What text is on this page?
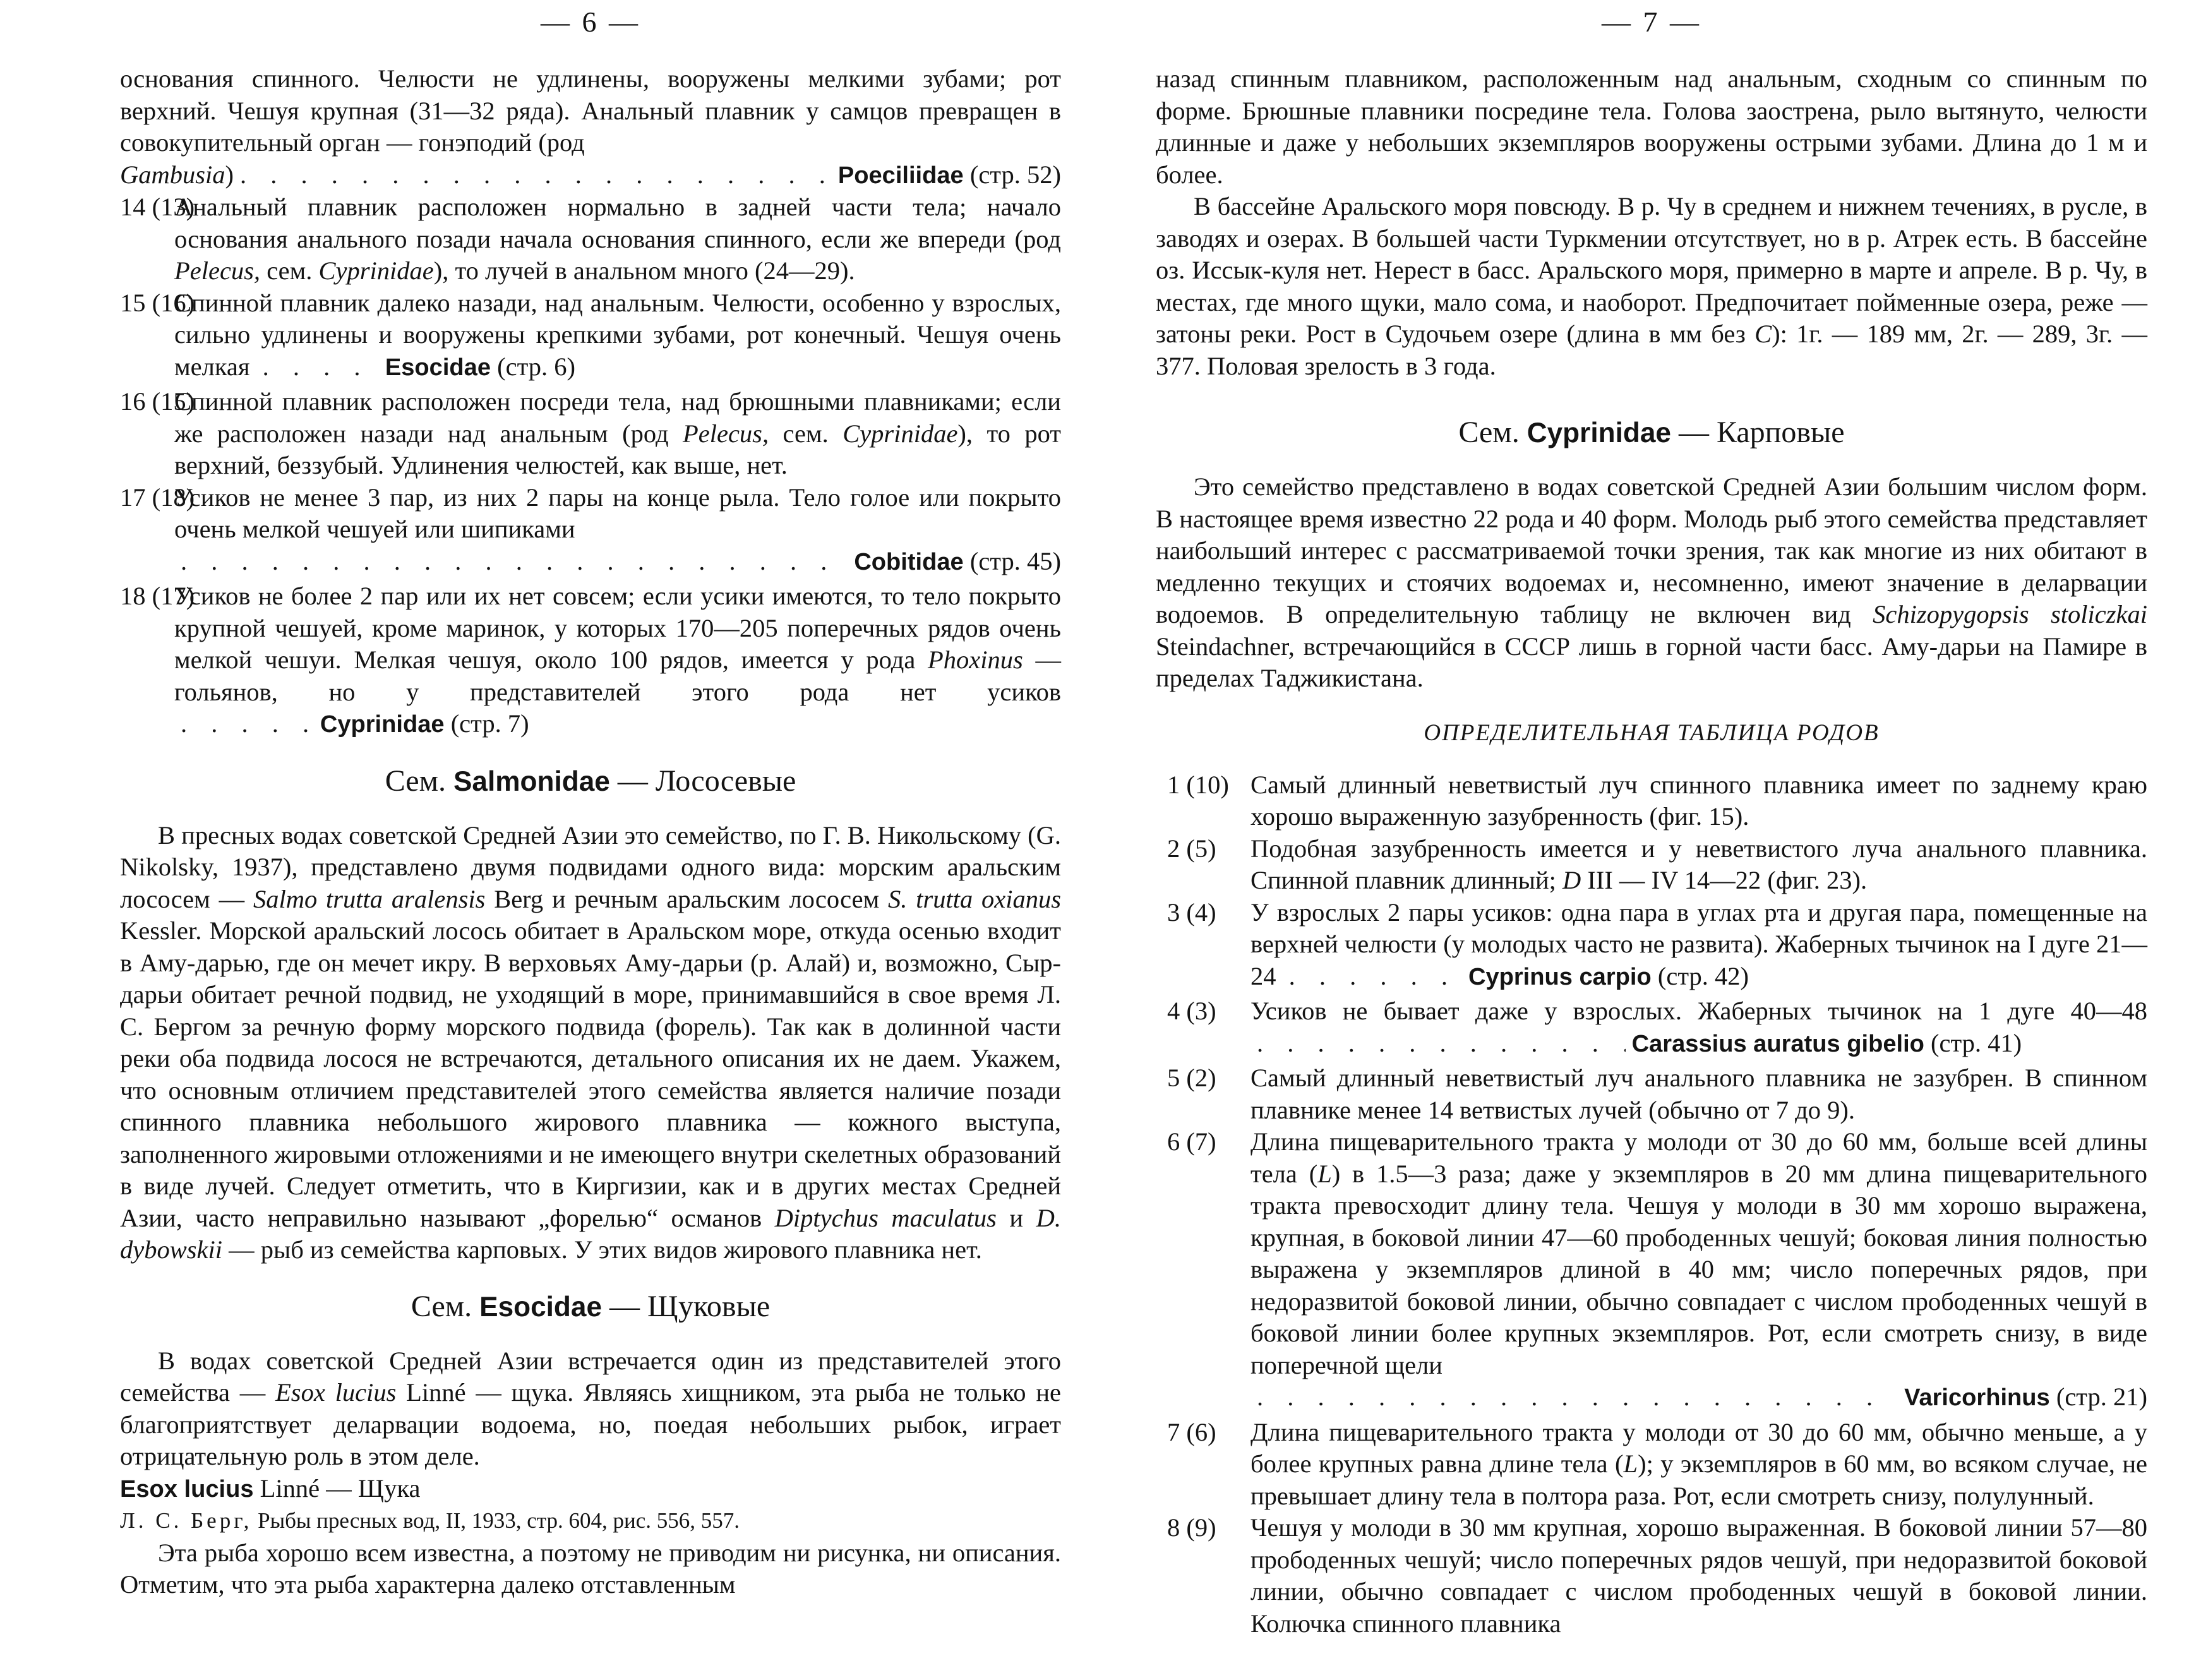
— 6 —

основания спинного. Челюсти не удлинены, вооружены мелкими зубами; рот верхний. Чешуя крупная (31—32 ряда). Анальный плавник у самцов превращен в совокупительный орган — гонэподий (род

Gambusia) . . .	Poeciliidae (стр. 52)

14 (13)
Анальный плавник расположен нормально в задней части тела; начало основания анального позади начала основания спинного, если же впереди (род Pelecus, сем. Cyprinidae), то лучей в анальном много (24—29).

15 (16)
Спинной плавник далеко назади, над анальным. Челюсти, особенно у взрослых, сильно удлинены и вооружены крепкими зубами, рот конечный. Чешуя очень мелкая . . .	Esocidae (стр. 6)

16 (15)
Спинной плавник расположен посреди тела, над брюшными плавниками; если же расположен назади над анальным (род Pelecus, сем. Cyprinidae), то рот верхний, беззубый. Удлинения челюстей, как выше, нет.

17 (18)
Усиков не менее 3 пар, из них 2 пары на конце рыла. Тело голое или покрыто очень мелкой чешуей или шипиками
. . .
Cobitidae (стр. 45)
18 (17)
Усиков не более 2 пар или их нет совсем; если усики имеются, то тело покрыто крупной чешуей, кроме маринок, у которых 170—205 поперечных рядов очень мелкой чешуи. Мелкая чешуя, около 100 рядов, имеется у рода Phoxinus — гольянов, но у представителей этого рода нет усиков
. . .
Cyprinidae (стр. 7)
Сем. Salmonidae — Лососевые

В пресных водах советской Средней Азии это семейство, по Г. В. Никольскому (G. Nikolsky, 1937), представлено двумя подвидами одного вида: морским аральским лососем — Salmo trutta aralensis Berg и речным аральским лососем S. trutta oxianus Kessler. Морской аральский лосось обитает в Аральском море, откуда осенью входит в Аму-дарью, где он мечет икру. В верховьях Аму-дарьи (р. Алай) и, возможно, Сыр-дарьи обитает речной подвид, не уходящий в море, принимавшийся в свое время Л. С. Бергом за речную форму морского подвида (форель). Так как в долинной части реки оба подвида лосося не встречаются, детального описания их не даем. Укажем, что основным отличием представителей этого семейства является наличие позади спинного плавника небольшого жирового плавника — кожного выступа, заполненного жировыми отложениями и не имеющего внутри скелетных образований в виде лучей. Следует отметить, что в Киргизии, как и в других местах Средней Азии, часто неправильно называют „форелью“ османов Diptychus maculatus и D. dybowskii — рыб из семейства карповых. У этих видов жирового плавника нет.

Сем. Esocidae — Щуковые

В водах советской Средней Азии встречается один из представителей этого семейства — Esox lucius Linné — щука. Являясь хищником, эта рыба не только не благоприятствует деларвации водоема, но, поедая небольших рыбок, играет отрицательную роль в этом деле.

Esox lucius Linné — Щука

Л. С. Берг, Рыбы пресных вод, II, 1933, стр. 604, рис. 556, 557.

Эта рыба хорошо всем известна, а поэтому не приводим ни рисунка, ни описания. Отметим, что эта рыба характерна далеко отставленным

— 7 —

назад спинным плавником, расположенным над анальным, сходным со спинным по форме. Брюшные плавники посредине тела. Голова заострена, рыло вытянуто, челюсти длинные и даже у небольших экземпляров вооружены острыми зубами. Длина до 1 м и более.

В бассейне Аральского моря повсюду. В р. Чу в среднем и нижнем течениях, в русле, в заводях и озерах. В большей части Туркмении отсутствует, но в р. Атрек есть. В бассейне оз. Иссык-куля нет. Нерест в басс. Аральского моря, примерно в марте и апреле. В р. Чу, в местах, где много щуки, мало сома, и наоборот. Предпочитает пойменные озера, реже — затоны реки. Рост в Судочьем озере (длина в мм без C): 1г. — 189 мм, 2г. — 289, 3г. — 377. Половая зрелость в 3 года.

Сем. Cyprinidae — Карповые

Это семейство представлено в водах советской Средней Азии большим числом форм. В настоящее время известно 22 рода и 40 форм. Молодь рыб этого семейства представляет наибольший интерес с рассматриваемой точки зрения, так как многие из них обитают в медленно текущих и стоячих водоемах и, несомненно, имеют значение в деларвации водоемов. В определительную таблицу не включен вид Schizopygopsis stoliczkai Steindachner, встречающийся в СССР лишь в горной части басс. Аму-дарьи на Памире в пределах Таджикистана.

ОПРЕДЕЛИТЕЛЬНАЯ ТАБЛИЦА РОДОВ

1 (10) Самый длинный невeтвистый луч спинного плавника имеет по заднему краю хорошо выраженную зазубренность (фиг. 15).

2 (5) Подобная зазубренность имеется и у невeтвистого луча анального плавника. Спинной плавник длинный; D III — IV 14—22 (фиг. 23).

3 (4) У взрослых 2 пары усиков: одна пара в углах рта и другая пара, помещенные на верхней челюсти (у молодых часто не развита). Жаберных тычинок на I дуге 21—24 . . .	Cyprinus carpio (стр. 42)
4 (3) Усиков не бывает даже у взрослых. Жаберных тычинок на 1 дуге 40—48
. . .
Carassius auratus gibelio (стр. 41)

5 (2) Самый длинный невeтвистый луч анального плавника не зазубрен. В спинном плавнике менее 14 ветвистых лучей (обычно от 7 до 9).

6 (7) Длина пищеварительного тракта у молоди от 30 до 60 мм, больше всей длины тела (L) в 1.5—3 раза; даже у экземпляров в 20 мм длина пищеварительного тракта превосходит длину тела. Чешуя у молоди в 30 мм хорошо выражена, крупная, в боковой линии 47—60 прободенных чешуй; боковая линия полностью выражена у экземпляров длиной в 40 мм; число поперечных рядов, при недоразвитой боковой линии, обычно совпадает с числом прободенных чешуй в боковой линии более крупных экземпляров. Рот, если смотреть снизу, в виде поперечной щели
. . .
Varicorhinus (стр. 21)

7 (6) Длина пищеварительного тракта у молоди от 30 до 60 мм, обычно меньше, а у более крупных равна длине тела (L); у экземпляров в 60 мм, во всяком случае, не превышает длину тела в полтора раза. Рот, если смотреть снизу, полулунный.

8 (9) Чешуя у молоди в 30 мм крупная, хорошо выраженная. В боковой линии 57—80 прободенных чешуй; число поперечных рядов чешуй, при недоразвитой боковой линии, обычно совпадает с числом прободенных чешуй в боковой линии. Колючка спинного плавника
